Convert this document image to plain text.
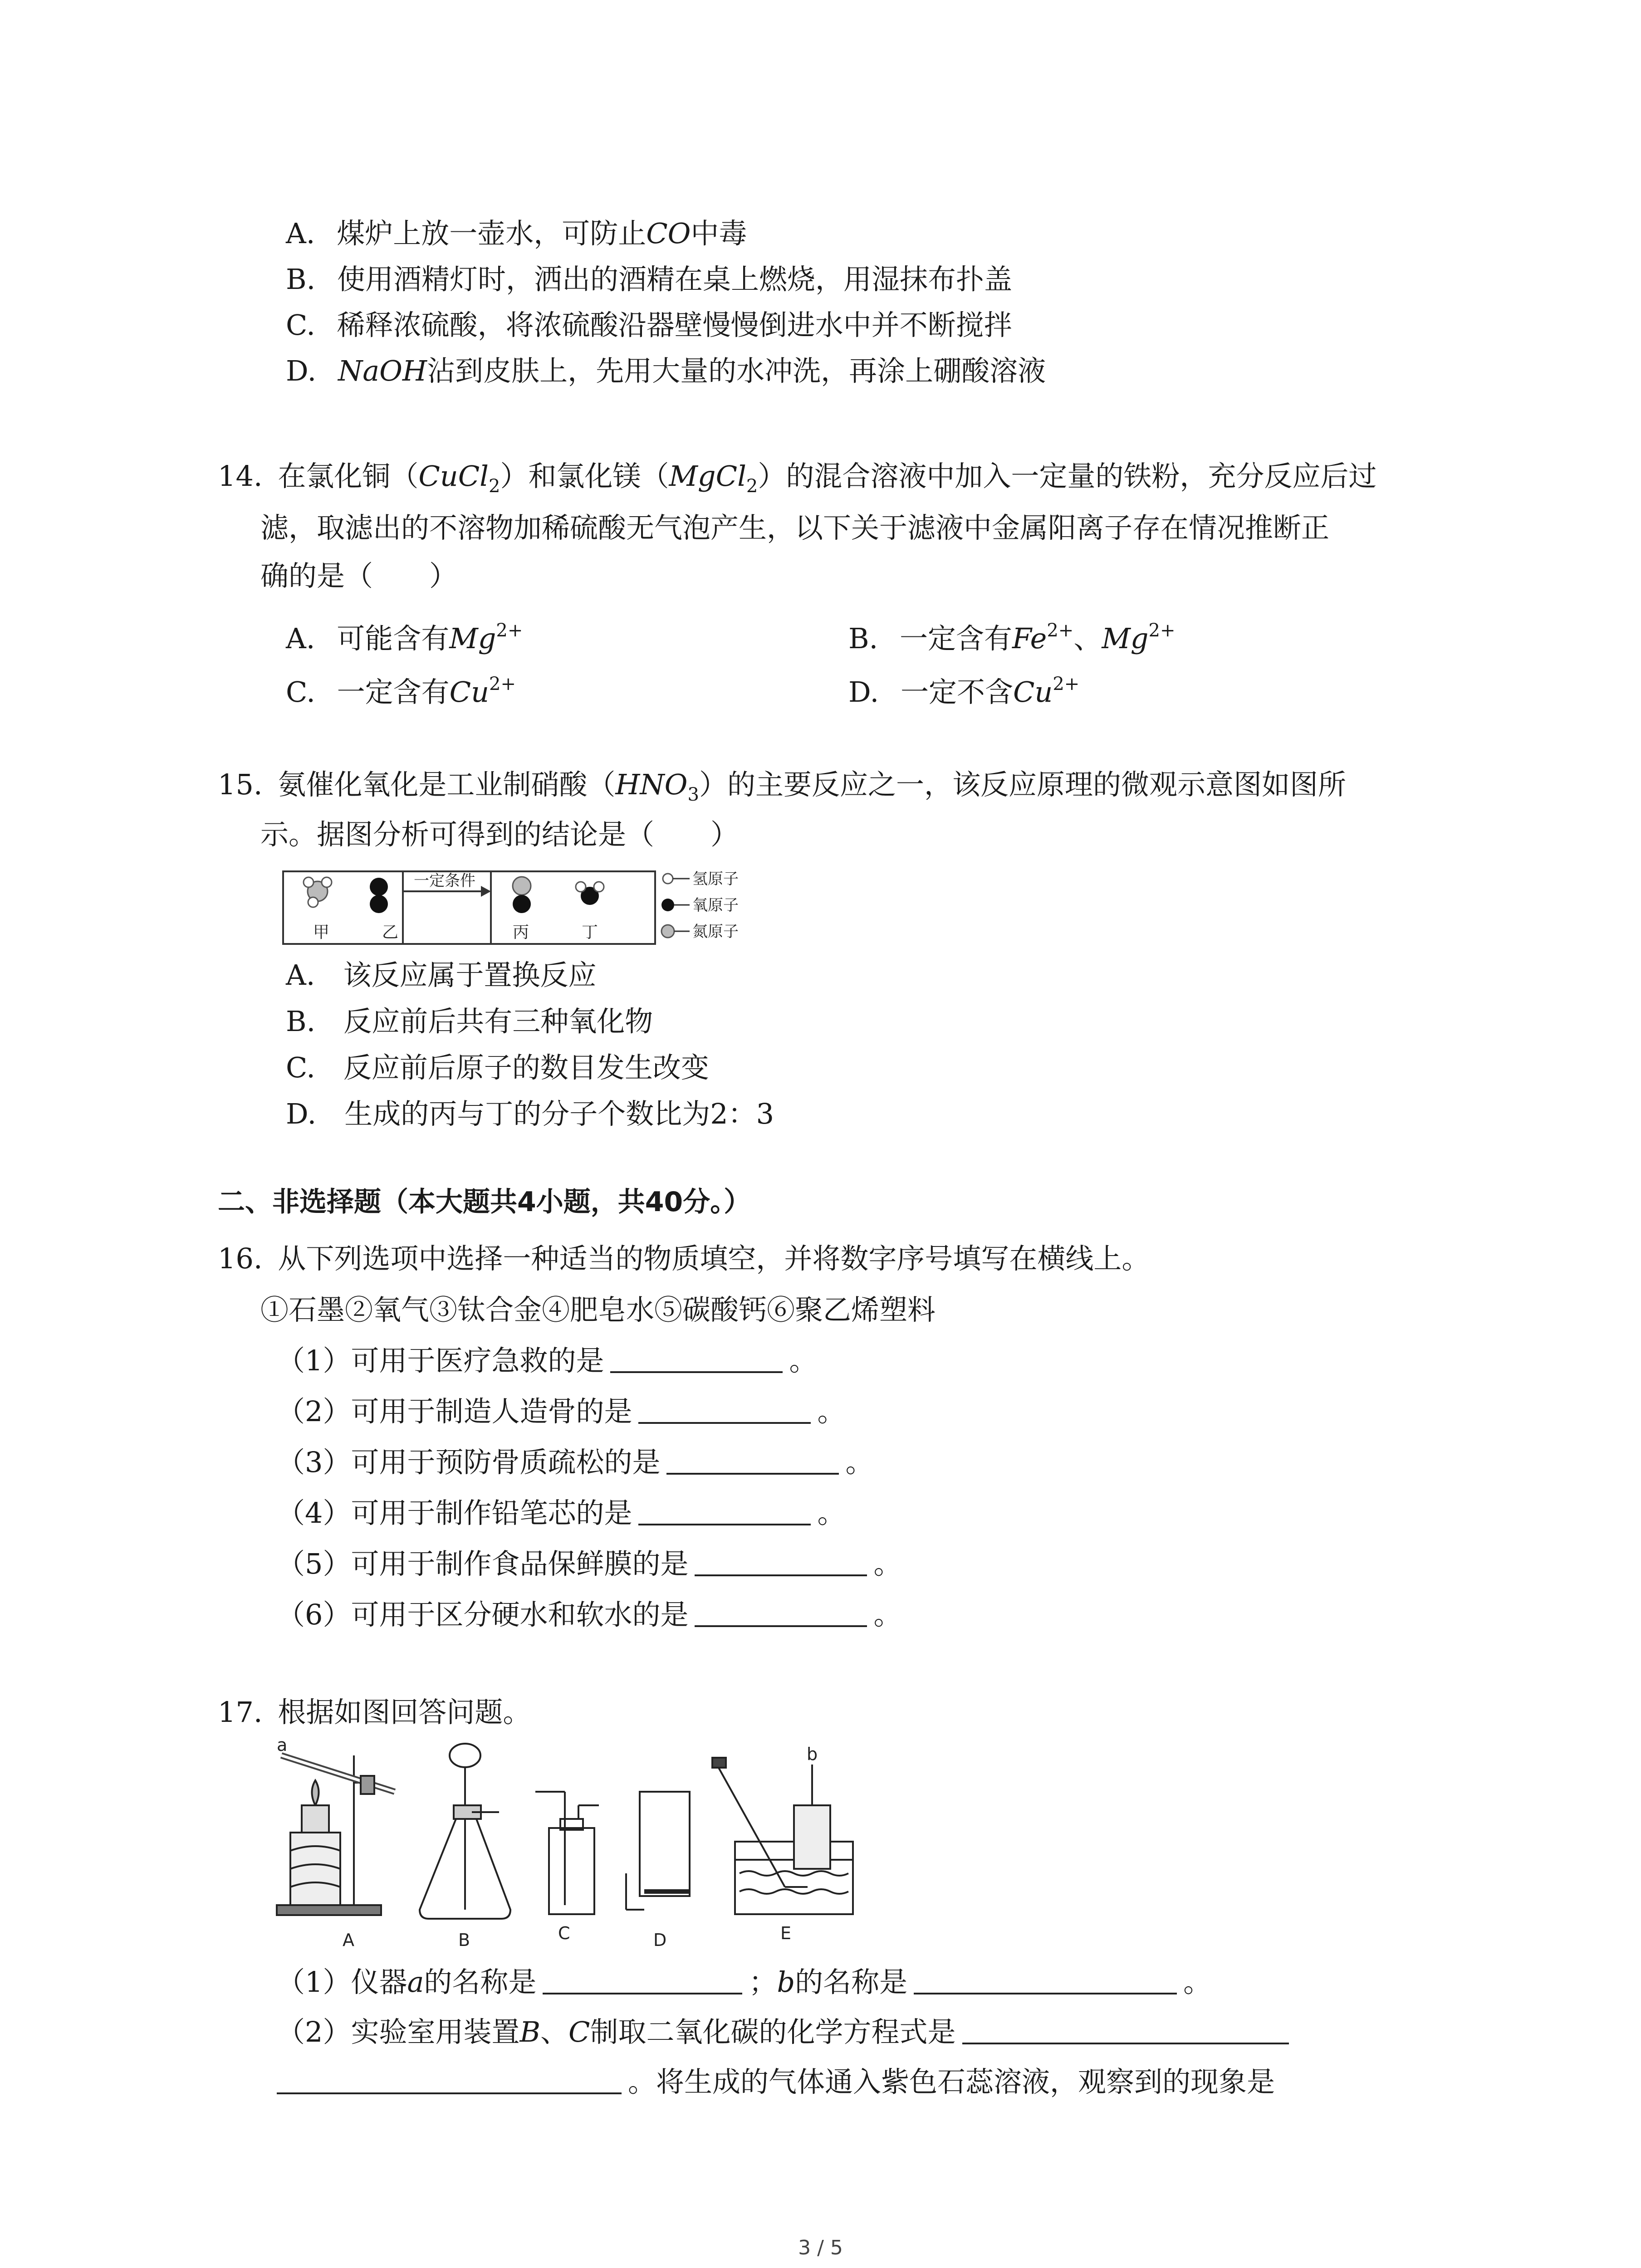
A. 煤炉上放一壶水，可防止CO中毒
B. 使用酒精灯时，洒出的酒精在桌上燃烧，用湿抹布扑盖
C. 稀释浓硫酸，将浓硫酸沿器壁慢慢倒进水中并不断搅拌
D. NaOH沾到皮肤上，先用大量的水冲洗，再涂上硼酸溶液
14. 在氯化铜（CuCl$_2$）和氯化镁（MgCl$_2$）的混合溶液中加入一定量的铁粉，充分反应后过
滤，取滤出的不溶物加稀硫酸无气泡产生，以下关于滤液中金属阳离子存在情况推断正
确的是（　　）
A. 可能含有$Mg^{2+}$	B. 一定含有$Fe^{2+}$、$Mg^{2+}$
C. 一定含有$Cu^{2+}$	D. 一定不含$Cu^{2+}$
15. 氨催化氧化是工业制硝酸$(HNO_3)$的主要反应之一，该反应原理的微观示意图如图所
示。据图分析可得到的结论是（　　）
甲	乙
一定条件
丙	丁
氢原子
氧原子
氮原子
A.　该反应属于置换反应
B.　反应前后共有三种氧化物
C.　反应前后原子的数目发生改变
D.　生成的丙与丁的分子个数比为2：3
二、非选择题（本大题共4小题，共40分。）
16. 从下列选项中选择一种适当的物质填空，并将数字序号填写在横线上。
①石墨②氧气③钛合金④肥皂水⑤碳酸钙⑥聚乙烯塑料
（1）可用于医疗急救的是	。
（2）可用于制造人造骨的是	。
（3）可用于预防骨质疏松的是	。
（4）可用于制作铅笔芯的是	。
（5）可用于制作食品保鲜膜的是	。
（6）可用于区分硬水和软水的是	。
17. 根据如图回答问题。
a
A	B	C	D
b
E
（1）仪器a的名称是	；b的名称是	。
（2）实验室用装置B、C制取二氧化碳的化学方程式是
。将生成的气体通入紫色石蕊溶液，观察到的现象是
3 / 5
